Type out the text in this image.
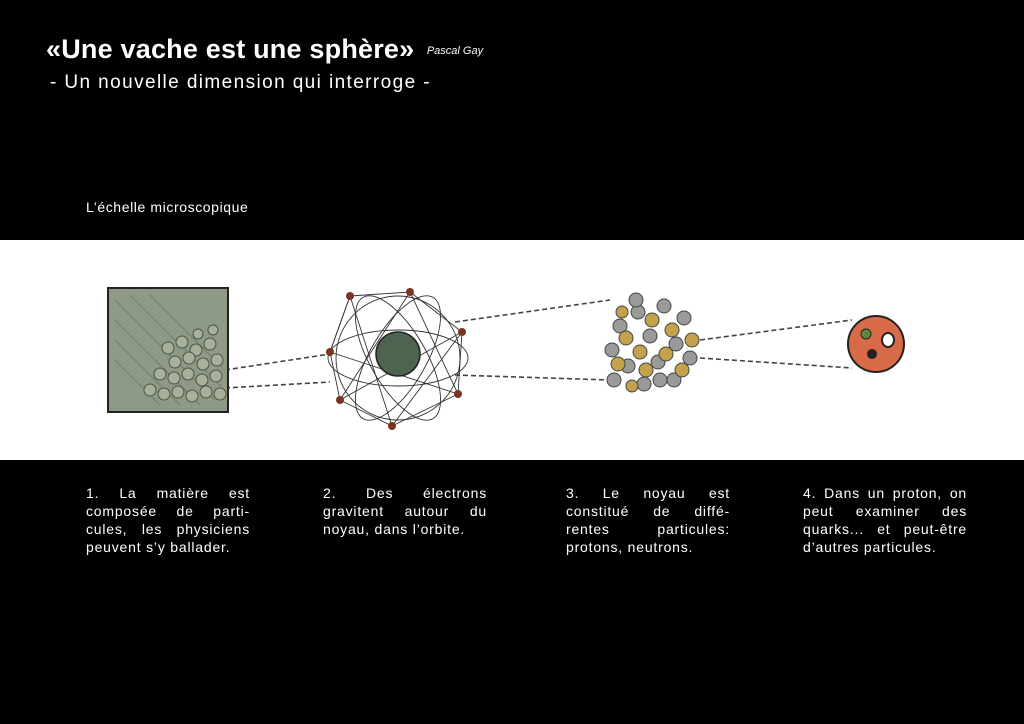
«Une vache est une sphère» $^{Pascal Gay}$
- Un nouvelle dimension qui interroge -
L’échelle microscopique
1. La matière est composée de parti-cules, les physiciens peuvent s’y ballader.
2. Des électrons gravitent autour du noyau, dans l’orbite.
3. Le noyau est constitué de diffé-rentes particules: protons, neutrons.
4. Dans un proton, on peut examiner des quarks... et peut-être d’autres particules.
